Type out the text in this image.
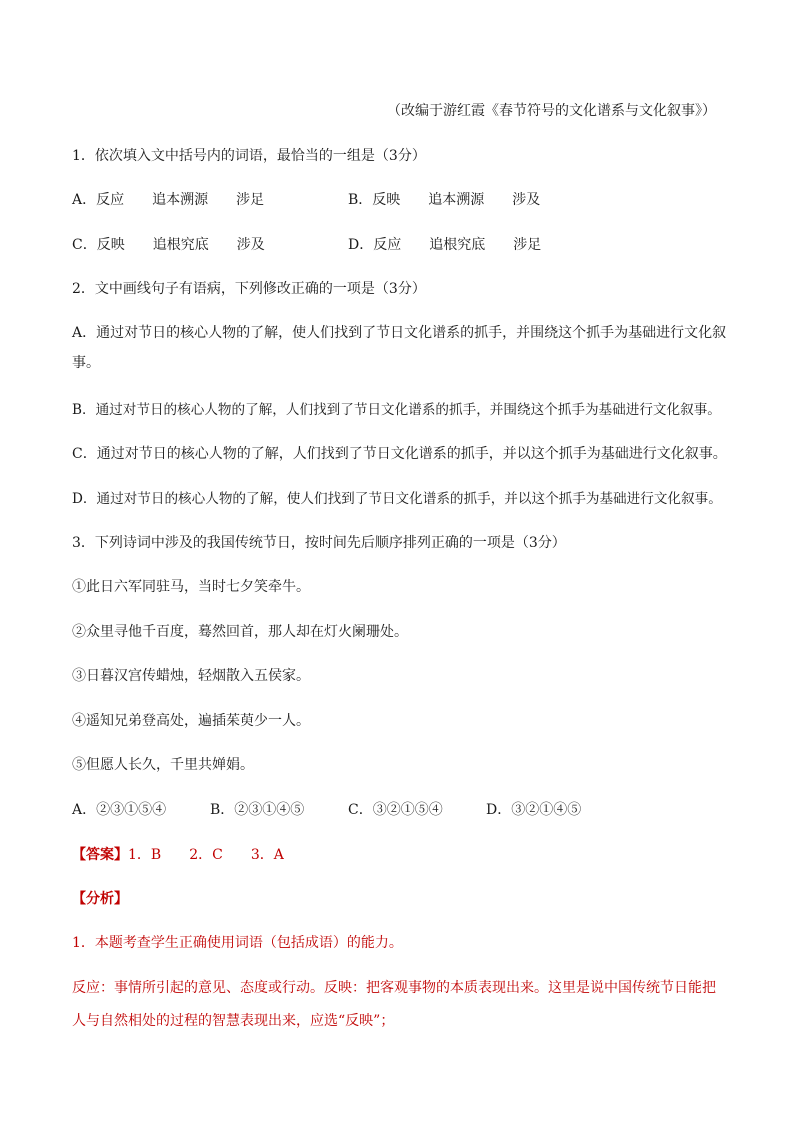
（改编于游红霞《春节符号的文化谱系与文化叙事》）
1．依次填入文中括号内的词语，最恰当的一组是（3分）
A．反应　　追本溯源　　涉足	B．反映　　追本溯源　　涉及
C．反映　　追根究底　　涉及	D．反应　　追根究底　　涉足
2．文中画线句子有语病，下列修改正确的一项是（3分）
A．通过对节日的核心人物的了解，使人们找到了节日文化谱系的抓手，并围绕这个抓手为基础进行文化叙
事。
B．通过对节日的核心人物的了解，人们找到了节日文化谱系的抓手，并围绕这个抓手为基础进行文化叙事。
C．通过对节日的核心人物的了解，人们找到了节日文化谱系的抓手，并以这个抓手为基础进行文化叙事。
D．通过对节日的核心人物的了解，使人们找到了节日文化谱系的抓手，并以这个抓手为基础进行文化叙事。
3．下列诗词中涉及的我国传统节日，按时间先后顺序排列正确的一项是（3分）
①此日六军同驻马，当时七夕笑牵牛。
②众里寻他千百度，蓦然回首，那人却在灯火阑珊处。
③日暮汉宫传蜡烛，轻烟散入五侯家。
④遥知兄弟登高处，遍插茱萸少一人。
⑤但愿人长久，千里共婵娟。
A．②③①⑤④	B．②③①④⑤	C．③②①⑤④	D．③②①④⑤
【答案】1．B　　2．C　　3．A
【分析】
1．本题考查学生正确使用词语（包括成语）的能力。
反应：事情所引起的意见、态度或行动。反映：把客观事物的本质表现出来。这里是说中国传统节日能把
人与自然相处的过程的智慧表现出来，应选“反映”；
